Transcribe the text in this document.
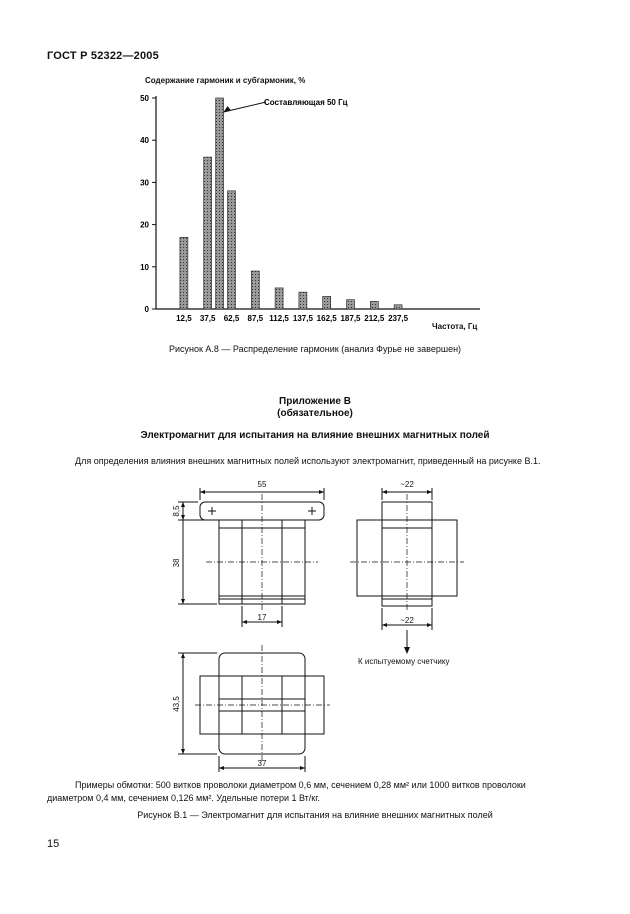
ГОСТ Р 52322—2005
Содержание гармоник и субгармоник, %
0
10
20
30
40
50
12,5 37,5 62,5 87,5 112,5 137,5 162,5 187,5 212,5 237,5
Составляющая 50 Гц
Частота, Гц
Рисунок А.8 — Распределение гармоник (анализ Фурье не завершен)
Приложение В
(обязательное)
Электромагнит для испытания на влияние внешних магнитных полей
Для определения влияния внешних магнитных полей используют электромагнит, приведенный на рисунке В.1.
55	~22
~22
17
37
8,5
38
43,5
К испытуемому счетчику
Примеры обмотки: 500 витков проволоки диаметром 0,6 мм, сечением 0,28 мм² или 1000 витков проволоки
диаметром 0,4 мм, сечением 0,126 мм². Удельные потери 1 Вт/кг.
Рисунок В.1 — Электромагнит для испытания на влияние внешних магнитных полей
15
